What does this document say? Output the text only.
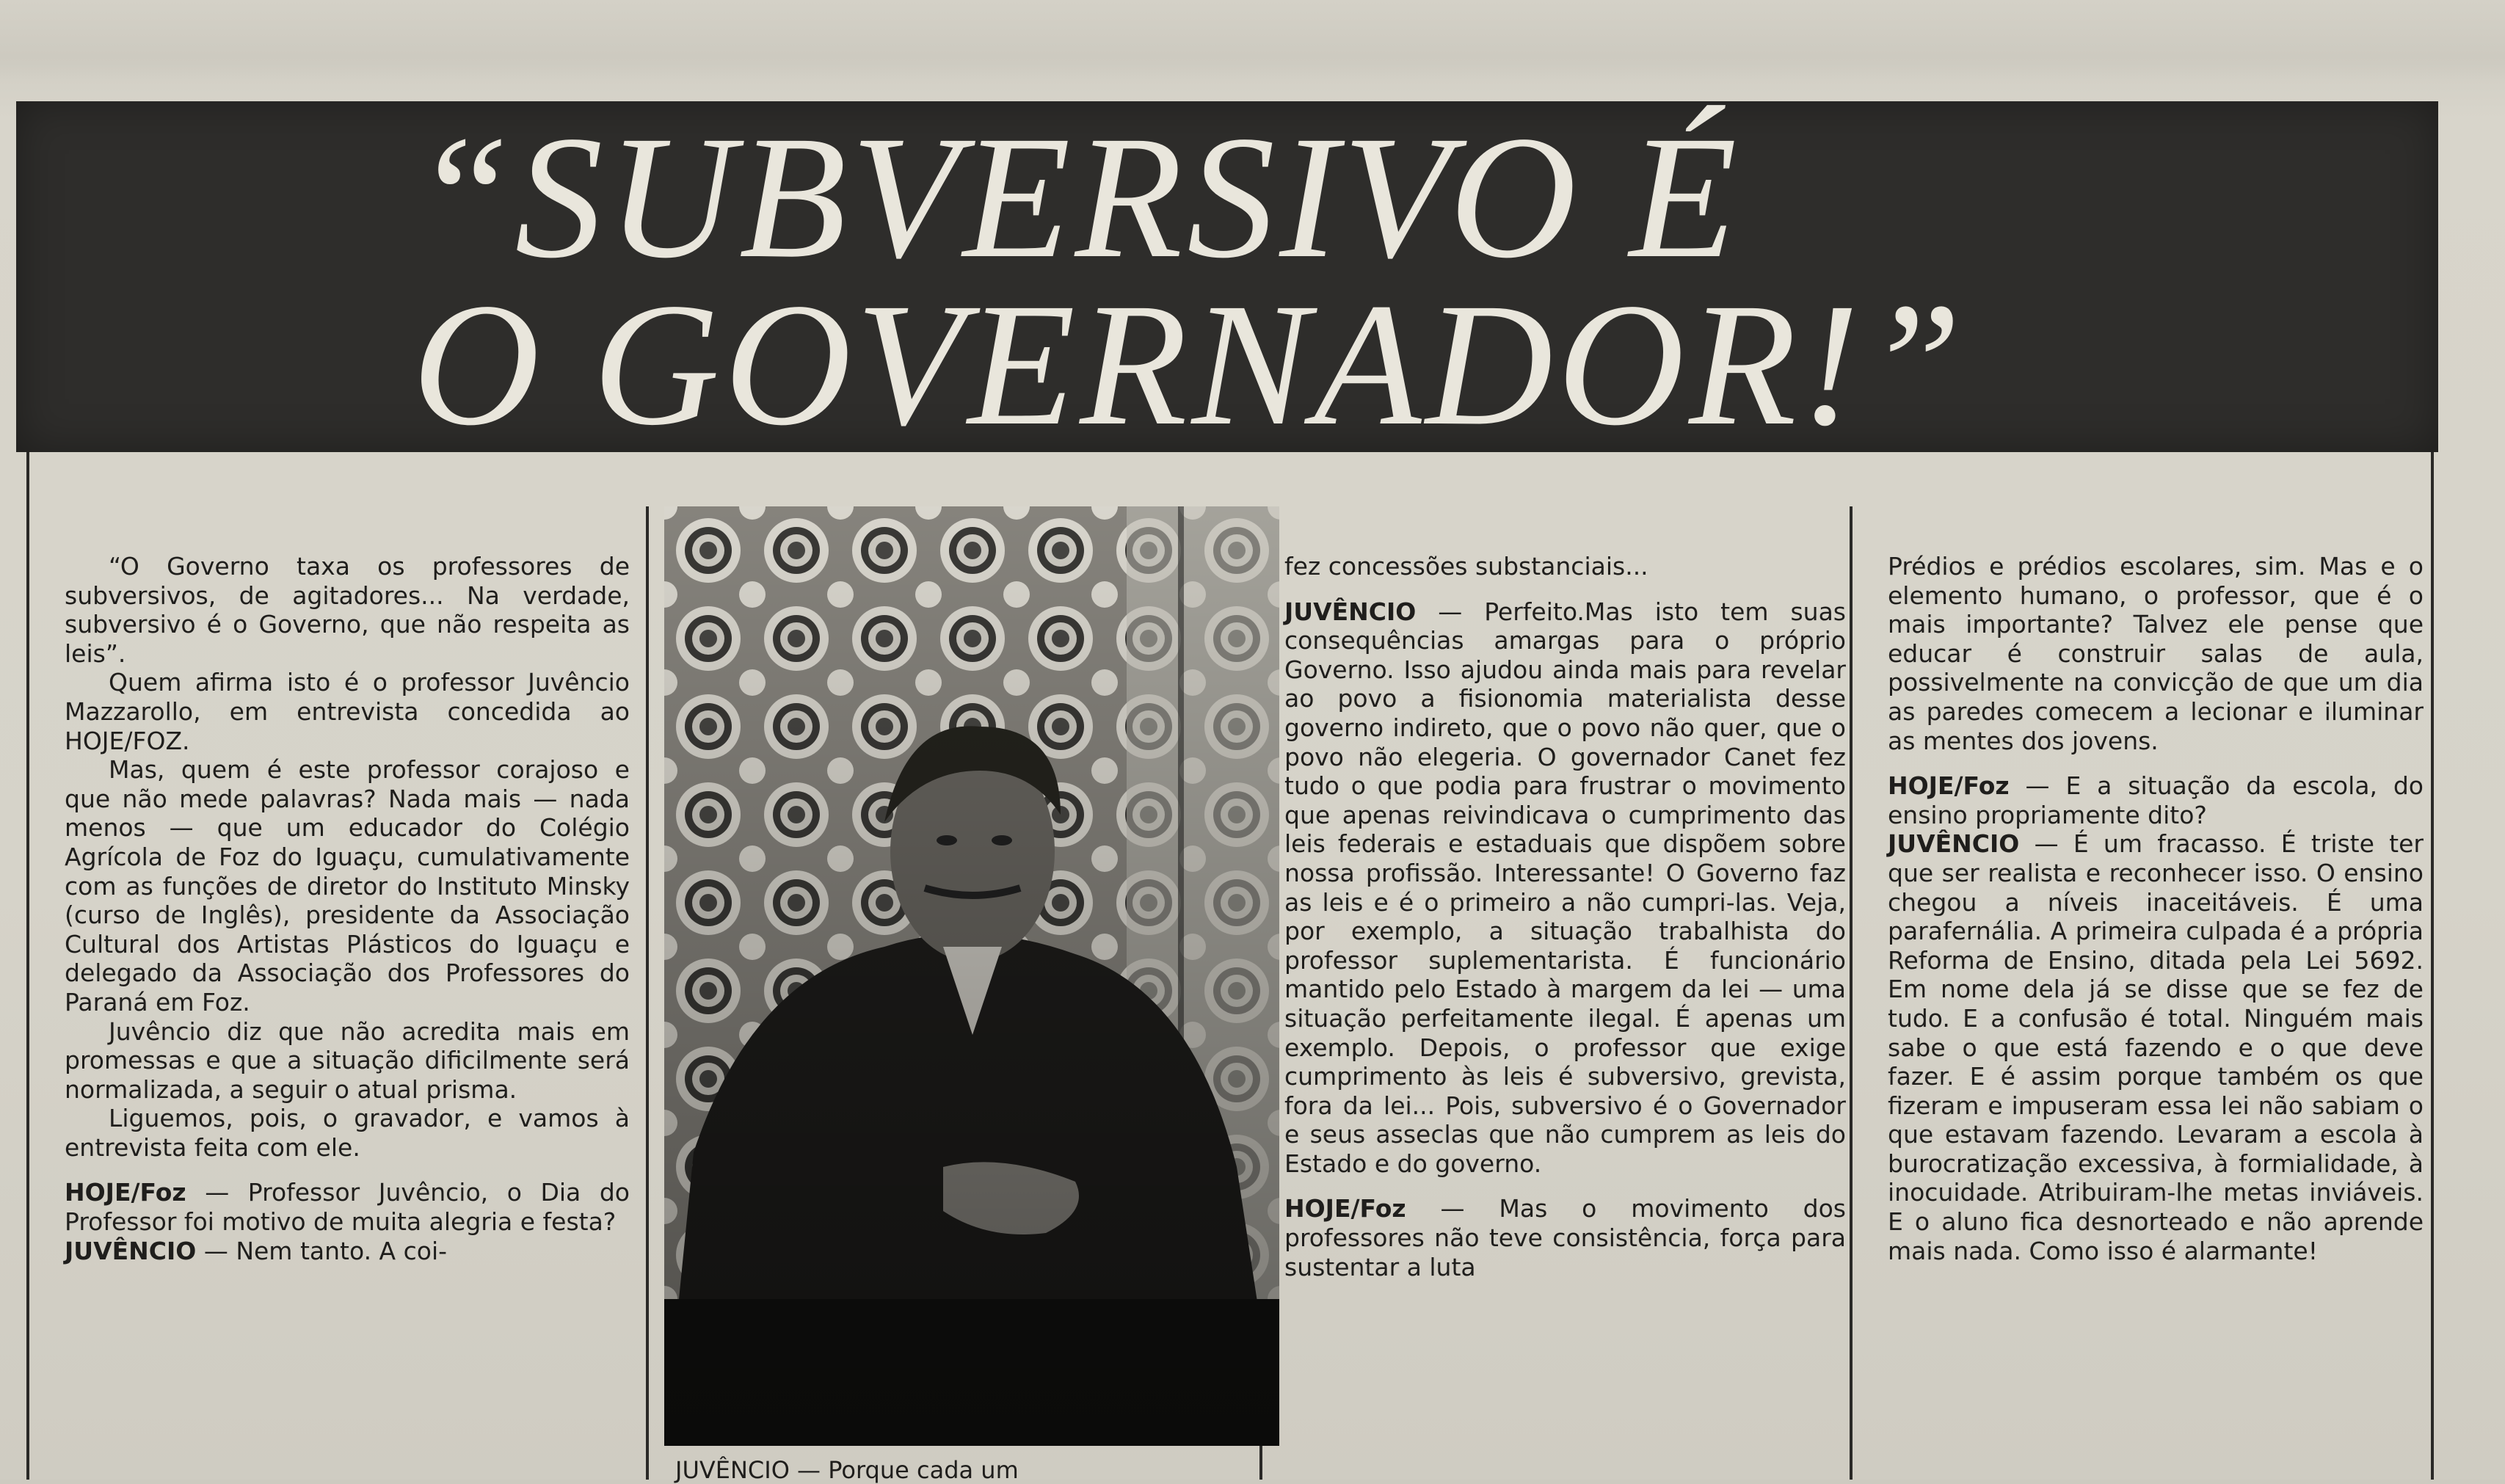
“SUBVERSIVO É
O GOVERNADOR!”

“O Governo taxa os professores de subversivos, de agitadores... Na verdade, subversivo é o Governo, que não respeita as leis”.

Quem afirma isto é o professor Juvêncio Mazzarollo, em entrevista concedida ao HOJE/FOZ.

Mas, quem é este professor corajoso e que não mede palavras? Nada mais — nada menos — que um educador do Colégio Agrícola de Foz do Iguaçu, cumulativamente com as funções de diretor do Instituto Minsky (curso de Inglês), presidente da Associação Cultural dos Artistas Plásticos do Iguaçu e delegado da Associação dos Professores do Paraná em Foz.

Juvêncio diz que não acredita mais em promessas e que a situação dificilmente será normalizada, a seguir o atual prisma.

Liguemos, pois, o gravador, e vamos à entrevista feita com ele.

HOJE/Foz — Professor Juvêncio, o Dia do Professor foi motivo de muita alegria e festa?

JUVÊNCIO — Nem tanto. A coi-

JUVÊNCIO — Porque cada um

fez concessões substanciais...

JUVÊNCIO — Perfeito.Mas isto tem suas consequências amargas para o próprio Governo. Isso ajudou ainda mais para revelar ao povo a fisionomia materialista desse governo indireto, que o povo não quer, que o povo não elegeria. O governador Canet fez tudo o que podia para frustrar o movimento que apenas reivindicava o cumprimento das leis federais e estaduais que dispõem sobre nossa profissão. Interessante! O Governo faz as leis e é o primeiro a não cumpri-las. Veja, por exemplo, a situação trabalhista do professor suplementarista. É funcionário mantido pelo Estado à margem da lei — uma situação perfeitamente ilegal. É apenas um exemplo. Depois, o professor que exige cumprimento às leis é subversivo, grevista, fora da lei... Pois, subversivo é o Governador e seus asseclas que não cumprem as leis do Estado e do governo.

HOJE/Foz — Mas o movimento dos professores não teve consistência, força para sustentar a luta

Prédios e prédios escolares, sim. Mas e o elemento humano, o professor, que é o mais importante? Talvez ele pense que educar é construir salas de aula, possivelmente na convicção de que um dia as paredes comecem a lecionar e iluminar as mentes dos jovens.

HOJE/Foz — E a situação da escola, do ensino propriamente dito?

JUVÊNCIO — É um fracasso. É triste ter que ser realista e reconhecer isso. O ensino chegou a níveis inaceitáveis. É uma parafernália. A primeira culpada é a própria Reforma de Ensino, ditada pela Lei 5692. Em nome dela já se disse que se fez de tudo. E a confusão é total. Ninguém mais sabe o que está fazendo e o que deve fazer. E é assim porque também os que fizeram e impuseram essa lei não sabiam o que estavam fazendo. Levaram a escola à burocratização excessiva, à formialidade, à inocuidade. Atribuiram-lhe metas inviáveis. E o aluno fica desnorteado e não aprende mais nada. Como isso é alarmante!
